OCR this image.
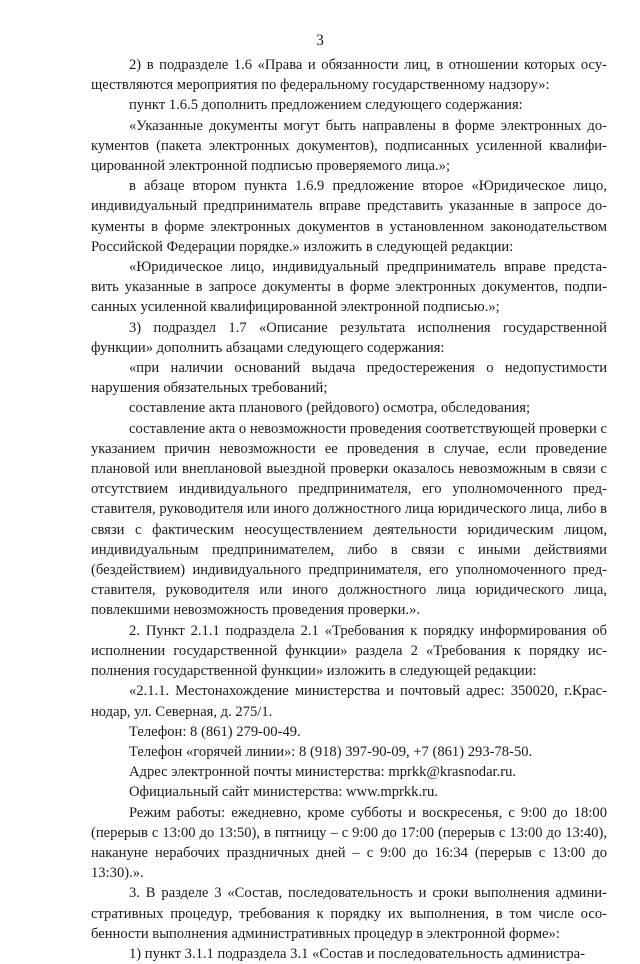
3

2) в подразделе 1.6 «Права и обязанности лиц, в отношении которых осуществляются мероприятия по федеральному государственному надзору»:

пункт 1.6.5 дополнить предложением следующего содержания:

«Указанные документы могут быть направлены в форме электронных документов (пакета электронных документов), подписанных усиленной квалифицированной электронной подписью проверяемого лица.»;

в абзаце втором пункта 1.6.9 предложение второе «Юридическое лицо, индивидуальный предприниматель вправе представить указанные в запросе документы в форме электронных документов в установленном законодательством Российской Федерации порядке.» изложить в следующей редакции:

«Юридическое лицо, индивидуальный предприниматель вправе представить указанные в запросе документы в форме электронных документов, подписанных усиленной квалифицированной электронной подписью.»;

3) подраздел 1.7 «Описание результата исполнения государственной функции» дополнить абзацами следующего содержания:

«при наличии оснований выдача предостережения о недопустимости нарушения обязательных требований;

составление акта планового (рейдового) осмотра, обследования;

составление акта о невозможности проведения соответствующей проверки с указанием причин невозможности ее проведения в случае, если проведение плановой или внеплановой выездной проверки оказалось невозможным в связи с отсутствием индивидуального предпринимателя, его уполномоченного представителя, руководителя или иного должностного лица юридического лица, либо в связи с фактическим неосуществлением деятельности юридическим лицом, индивидуальным предпринимателем, либо в связи с иными действиями (бездействием) индивидуального предпринимателя, его уполномоченного представителя, руководителя или иного должностного лица юридического лица, повлекшими невозможность проведения проверки.».

2. Пункт 2.1.1 подраздела 2.1 «Требования к порядку информирования об исполнении государственной функции» раздела 2 «Требования к порядку исполнения государственной функции» изложить в следующей редакции:

«2.1.1. Местонахождение министерства и почтовый адрес: 350020, г.Краснодар, ул. Северная, д. 275/1.

Телефон: 8 (861) 279-00-49.

Телефон «горячей линии»: 8 (918) 397-90-09, +7 (861) 293-78-50.

Адрес электронной почты министерства: mprkk@krasnodar.ru.

Официальный сайт министерства: www.mprkk.ru.

Режим работы: ежедневно, кроме субботы и воскресенья, с 9:00 до 18:00 (перерыв с 13:00 до 13:50), в пятницу – с 9:00 до 17:00 (перерыв с 13:00 до 13:40), накануне нерабочих праздничных дней – с 9:00 до 16:34 (перерыв с 13:00 до 13:30).».

3. В разделе 3 «Состав, последовательность и сроки выполнения административных процедур, требования к порядку их выполнения, в том числе особенности выполнения административных процедур в электронной форме»:

1) пункт 3.1.1 подраздела 3.1 «Состав и последовательность администра-
